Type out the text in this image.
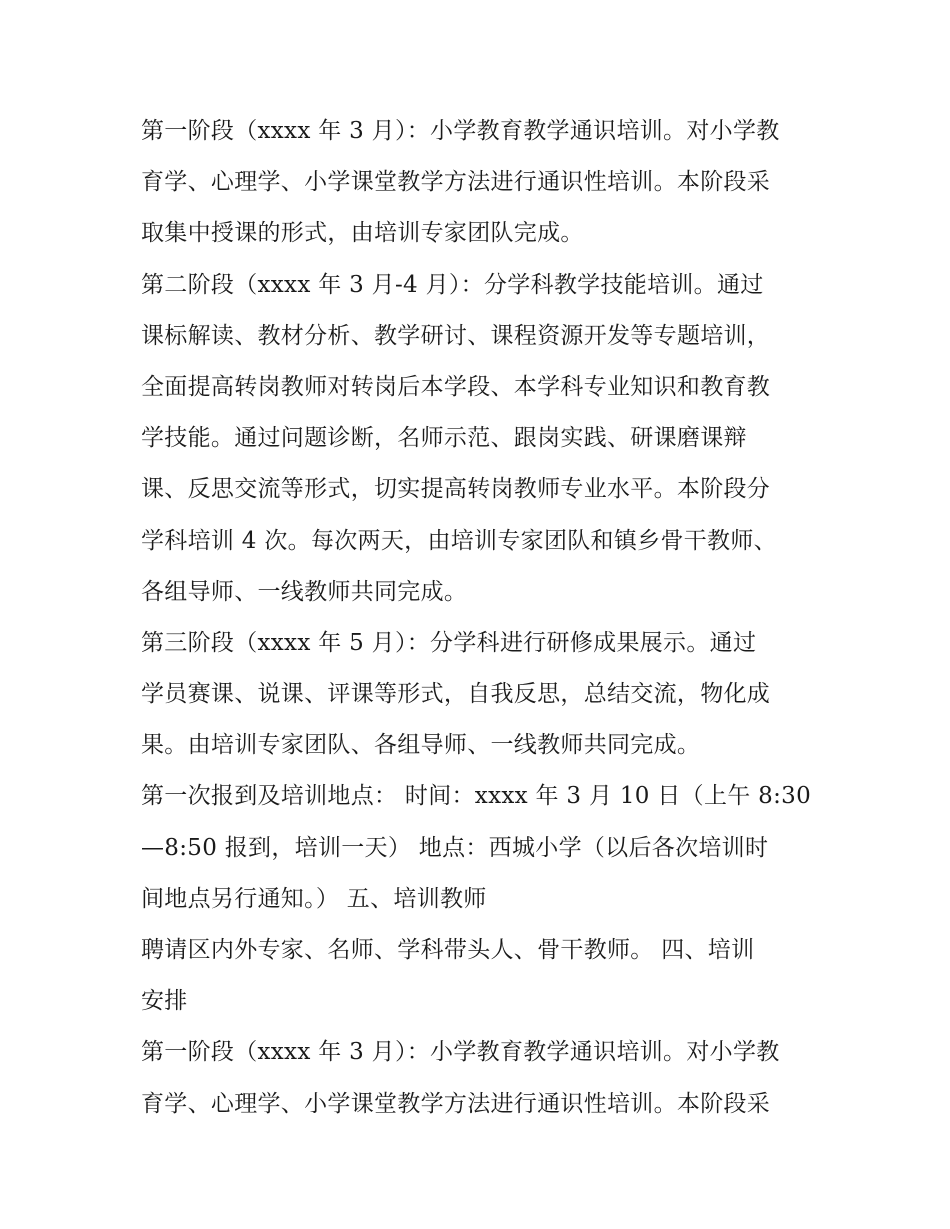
第一阶段（xxxx 年 3 月）：小学教育教学通识培训。对小学教
育学、心理学、小学课堂教学方法进行通识性培训。本阶段采
取集中授课的形式，由培训专家团队完成。
第二阶段（xxxx 年 3 月-4 月）：分学科教学技能培训。通过
课标解读、教材分析、教学研讨、课程资源开发等专题培训，
全面提高转岗教师对转岗后本学段、本学科专业知识和教育教
学技能。通过问题诊断，名师示范、跟岗实践、研课磨课辩
课、反思交流等形式，切实提高转岗教师专业水平。本阶段分
学科培训 4 次。每次两天，由培训专家团队和镇乡骨干教师、
各组导师、一线教师共同完成。
第三阶段（xxxx 年 5 月）：分学科进行研修成果展示。通过
学员赛课、说课、评课等形式，自我反思，总结交流，物化成
果。由培训专家团队、各组导师、一线教师共同完成。
第一次报到及培训地点： 时间：xxxx 年 3 月 10 日（上午 8:30
—8:50 报到，培训一天） 地点：西城小学（以后各次培训时
间地点另行通知。） 五、培训教师
聘请区内外专家、名师、学科带头人、骨干教师。 四、培训
安排
第一阶段（xxxx 年 3 月）：小学教育教学通识培训。对小学教
育学、心理学、小学课堂教学方法进行通识性培训。本阶段采
